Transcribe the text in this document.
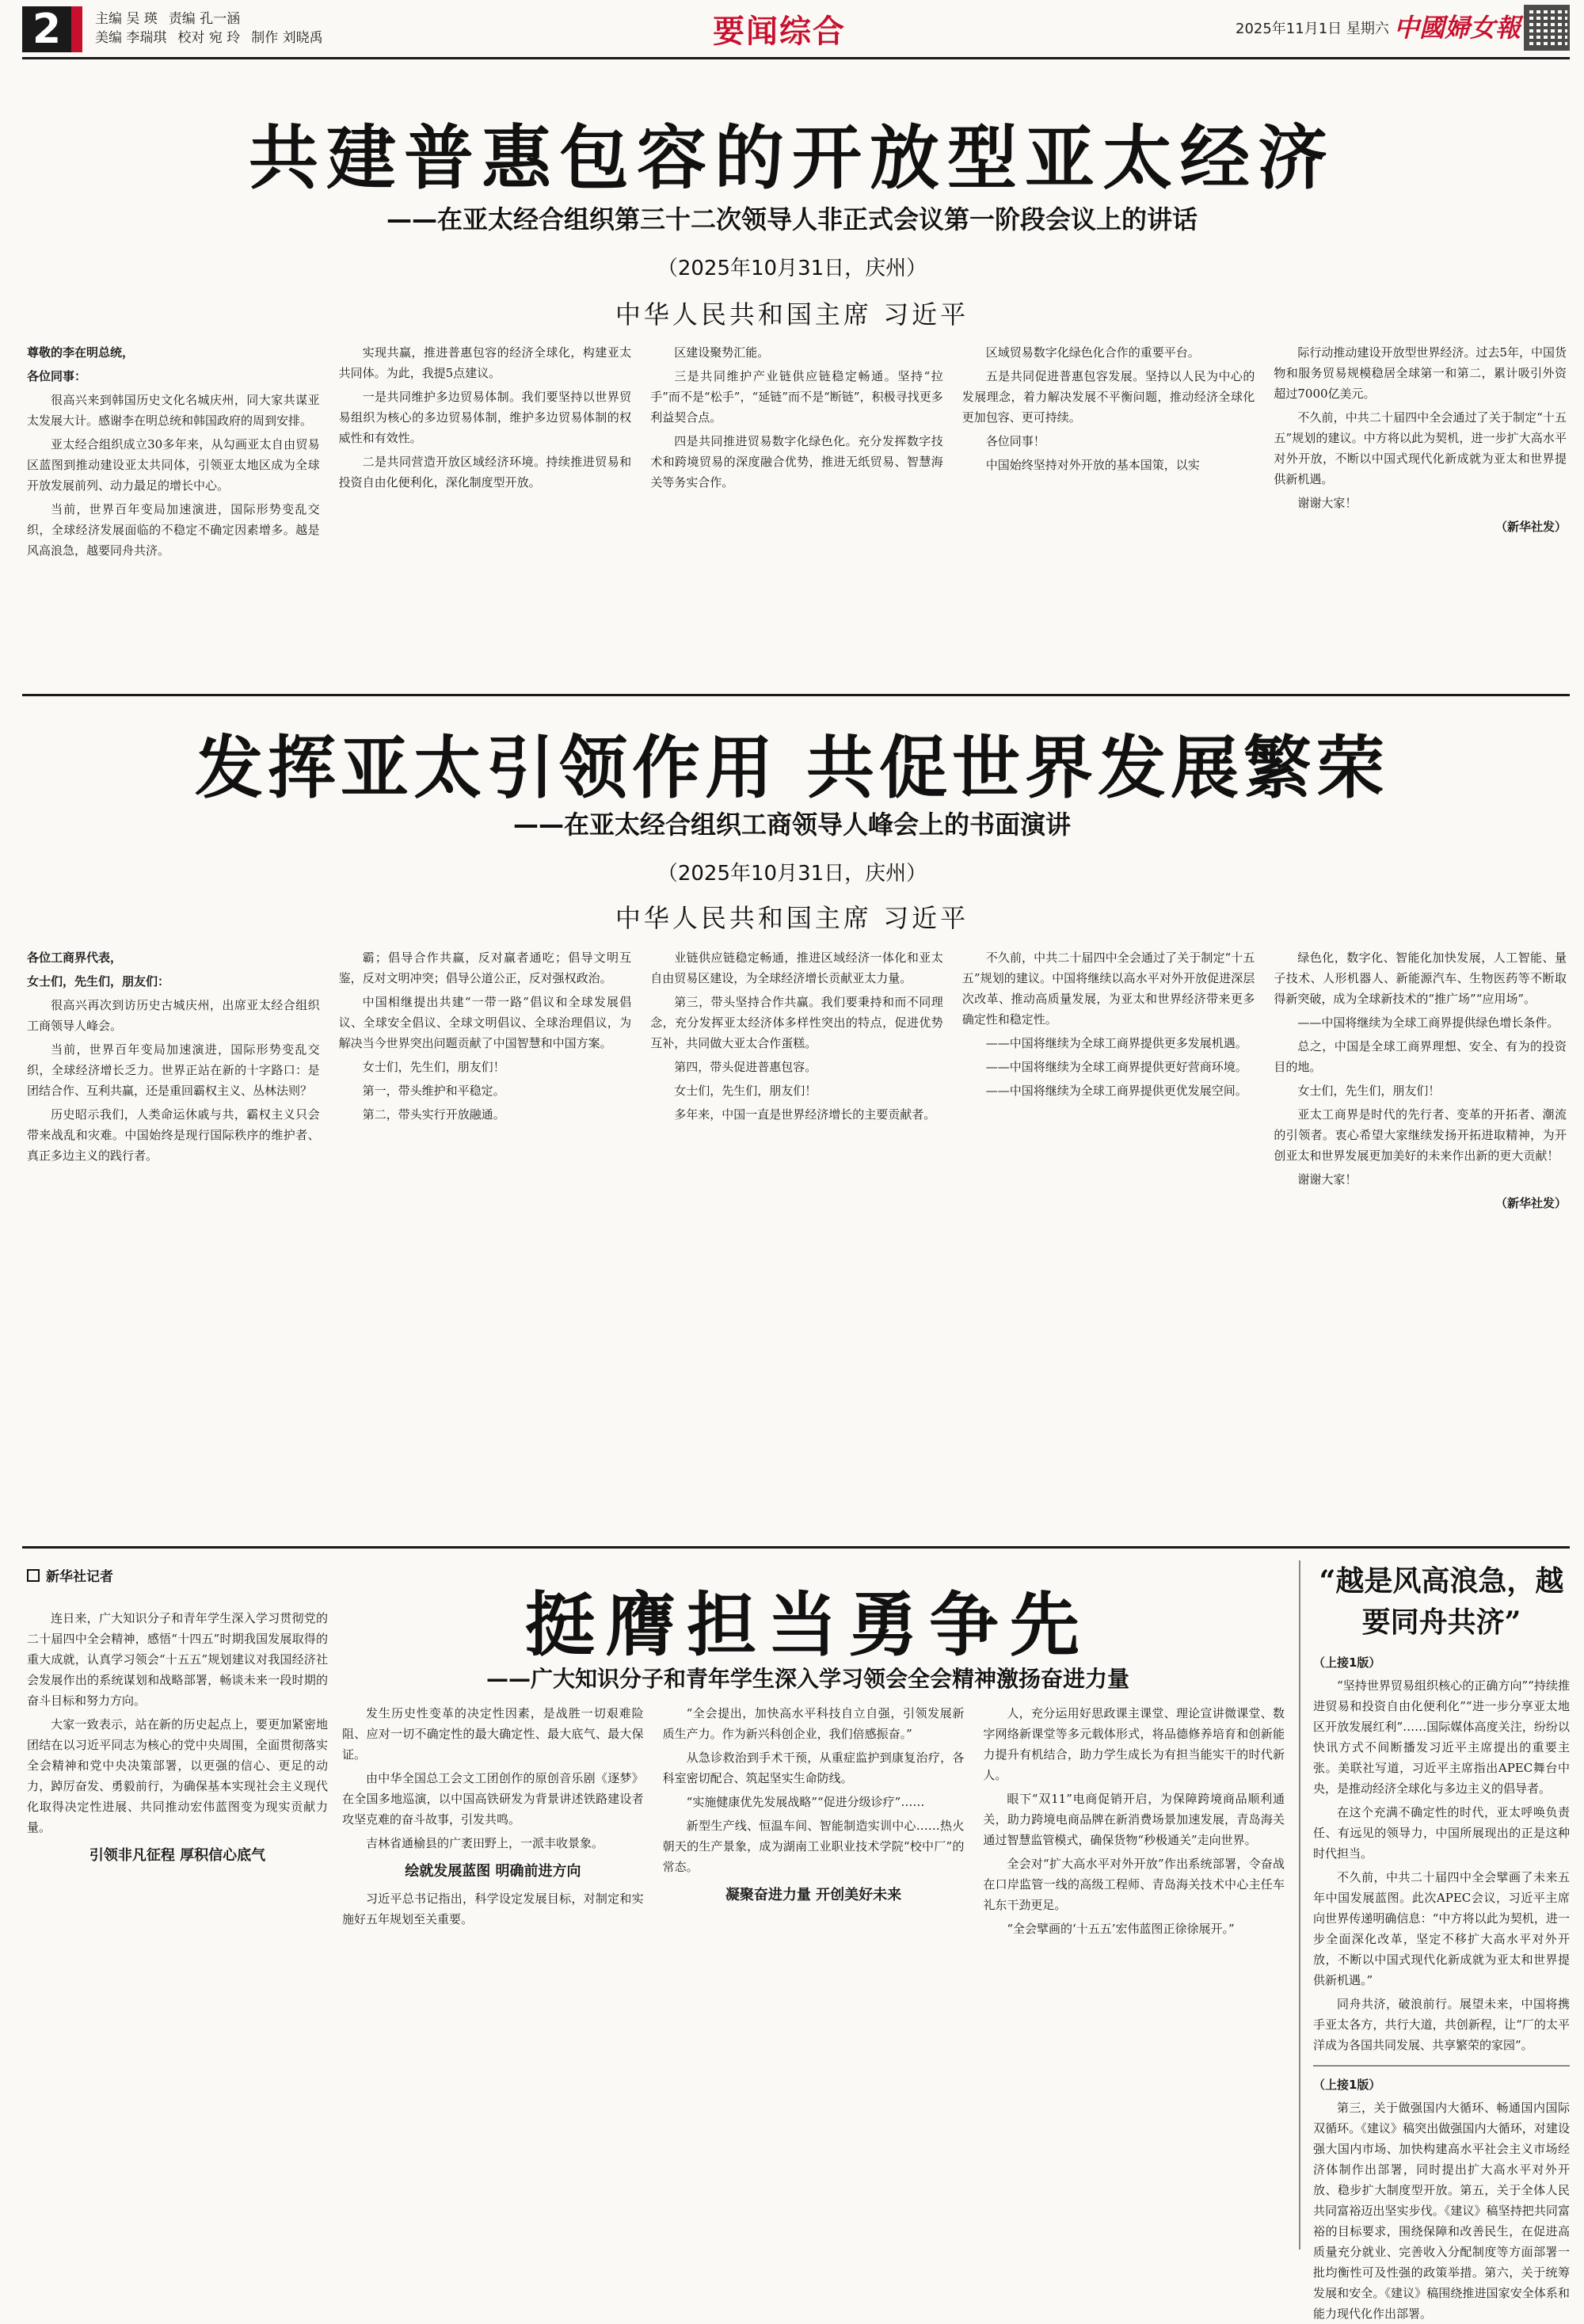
2	主编 吴 瑛 责编 孔一涵
美编 李瑞琪 校对 宛 玲 制作 刘晓禹	要闻综合	2025年11月1日 星期六 中國婦女報
共建普惠包容的开放型亚太经济
——在亚太经合组织第三十二次领导人非正式会议第一阶段会议上的讲话
（2025年10月31日，庆州）
中华人民共和国主席 习近平

尊敬的李在明总统，

各位同事：

很高兴来到韩国历史文化名城庆州，同大家共谋亚太发展大计。感谢李在明总统和韩国政府的周到安排。

亚太经合组织成立30多年来，从勾画亚太自由贸易区蓝图到推动建设亚太共同体，引领亚太地区成为全球开放发展前列、动力最足的增长中心。

当前，世界百年变局加速演进，国际形势变乱交织，全球经济发展面临的不稳定不确定因素增多。越是风高浪急，越要同舟共济。

实现共赢，推进普惠包容的经济全球化，构建亚太共同体。为此，我提5点建议。

一是共同维护多边贸易体制。我们要坚持以世界贸易组织为核心的多边贸易体制，维护多边贸易体制的权威性和有效性。

二是共同营造开放区域经济环境。持续推进贸易和投资自由化便利化，深化制度型开放。

区建设聚势汇能。

三是共同维护产业链供应链稳定畅通。坚持“拉手”而不是“松手”，“延链”而不是“断链”，积极寻找更多利益契合点。

四是共同推进贸易数字化绿色化。充分发挥数字技术和跨境贸易的深度融合优势，推进无纸贸易、智慧海关等务实合作。

区域贸易数字化绿色化合作的重要平台。

五是共同促进普惠包容发展。坚持以人民为中心的发展理念，着力解决发展不平衡问题，推动经济全球化更加包容、更可持续。

各位同事！

中国始终坚持对外开放的基本国策，以实

际行动推动建设开放型世界经济。过去5年，中国货物和服务贸易规模稳居全球第一和第二，累计吸引外资超过7000亿美元。

不久前，中共二十届四中全会通过了关于制定“十五五”规划的建议。中方将以此为契机，进一步扩大高水平对外开放，不断以中国式现代化新成就为亚太和世界提供新机遇。

谢谢大家！

（新华社发）

发挥亚太引领作用 共促世界发展繁荣
——在亚太经合组织工商领导人峰会上的书面演讲
（2025年10月31日，庆州）
中华人民共和国主席 习近平

各位工商界代表，

女士们，先生们，朋友们：

很高兴再次到访历史古城庆州，出席亚太经合组织工商领导人峰会。

当前，世界百年变局加速演进，国际形势变乱交织，全球经济增长乏力。世界正站在新的十字路口：是团结合作、互利共赢，还是重回霸权主义、丛林法则？

历史昭示我们，人类命运休戚与共，霸权主义只会带来战乱和灾难。中国始终是现行国际秩序的维护者、真正多边主义的践行者。

霸；倡导合作共赢，反对赢者通吃；倡导文明互鉴，反对文明冲突；倡导公道公正，反对强权政治。

中国相继提出共建“一带一路”倡议和全球发展倡议、全球安全倡议、全球文明倡议、全球治理倡议，为解决当今世界突出问题贡献了中国智慧和中国方案。

女士们，先生们，朋友们！

第一，带头维护和平稳定。

第二，带头实行开放融通。

业链供应链稳定畅通，推进区域经济一体化和亚太自由贸易区建设，为全球经济增长贡献亚太力量。

第三，带头坚持合作共赢。我们要秉持和而不同理念，充分发挥亚太经济体多样性突出的特点，促进优势互补，共同做大亚太合作蛋糕。

第四，带头促进普惠包容。

女士们，先生们，朋友们！

多年来，中国一直是世界经济增长的主要贡献者。

不久前，中共二十届四中全会通过了关于制定“十五五”规划的建议。中国将继续以高水平对外开放促进深层次改革、推动高质量发展，为亚太和世界经济带来更多确定性和稳定性。

——中国将继续为全球工商界提供更多发展机遇。

——中国将继续为全球工商界提供更好营商环境。

——中国将继续为全球工商界提供更优发展空间。

绿色化，数字化、智能化加快发展，人工智能、量子技术、人形机器人、新能源汽车、生物医药等不断取得新突破，成为全球新技术的“推广场”“应用场”。

——中国将继续为全球工商界提供绿色增长条件。

总之，中国是全球工商界理想、安全、有为的投资目的地。

女士们，先生们，朋友们！

亚太工商界是时代的先行者、变革的开拓者、潮流的引领者。衷心希望大家继续发扬开拓进取精神，为开创亚太和世界发展更加美好的未来作出新的更大贡献！

谢谢大家！

（新华社发）

新华社记者
挺膺担当勇争先
——广大知识分子和青年学生深入学习领会全会精神激扬奋进力量

连日来，广大知识分子和青年学生深入学习贯彻党的二十届四中全会精神，感悟“十四五”时期我国发展取得的重大成就，认真学习领会“十五五”规划建议对我国经济社会发展作出的系统谋划和战略部署，畅谈未来一段时期的奋斗目标和努力方向。

大家一致表示，站在新的历史起点上，要更加紧密地团结在以习近平同志为核心的党中央周围，全面贯彻落实全会精神和党中央决策部署，以更强的信心、更足的动力，踔厉奋发、勇毅前行，为确保基本实现社会主义现代化取得决定性进展、共同推动宏伟蓝图变为现实贡献力量。

引领非凡征程 厚积信心底气

发生历史性变革的决定性因素，是战胜一切艰难险阻、应对一切不确定性的最大确定性、最大底气、最大保证。

由中华全国总工会文工团创作的原创音乐剧《逐梦》在全国多地巡演，以中国高铁研发为背景讲述铁路建设者攻坚克难的奋斗故事，引发共鸣。

吉林省通榆县的广袤田野上，一派丰收景象。

绘就发展蓝图 明确前进方向

习近平总书记指出，科学设定发展目标，对制定和实施好五年规划至关重要。

“全会提出，加快高水平科技自立自强，引领发展新质生产力。作为新兴科创企业，我们倍感振奋。”

从急诊救治到手术干预，从重症监护到康复治疗，各科室密切配合、筑起坚实生命防线。

“实施健康优先发展战略”“促进分级诊疗”……

新型生产线、恒温车间、智能制造实训中心……热火朝天的生产景象，成为湖南工业职业技术学院“校中厂”的常态。

凝聚奋进力量 开创美好未来

人，充分运用好思政课主课堂、理论宣讲微课堂、数字网络新课堂等多元载体形式，将品德修养培育和创新能力提升有机结合，助力学生成长为有担当能实干的时代新人。

眼下“双11”电商促销开启，为保障跨境商品顺利通关，助力跨境电商品牌在新消费场景加速发展，青岛海关通过智慧监管模式，确保货物“秒极通关”走向世界。

全会对“扩大高水平对外开放”作出系统部署，令奋战在口岸监管一线的高级工程师、青岛海关技术中心主任车礼东干劲更足。

“全会擘画的‘十五五’宏伟蓝图正徐徐展开。”

“越是风高浪急，越要同舟共济”
（上接1版）

“坚持世界贸易组织核心的正确方向”“持续推进贸易和投资自由化便利化”“进一步分享亚太地区开放发展红利”……国际媒体高度关注，纷纷以快讯方式不间断播发习近平主席提出的重要主张。美联社写道，习近平主席指出APEC舞台中央，是推动经济全球化与多边主义的倡导者。

在这个充满不确定性的时代，亚太呼唤负责任、有远见的领导力，中国所展现出的正是这种时代担当。

不久前，中共二十届四中全会擘画了未来五年中国发展蓝图。此次APEC会议，习近平主席向世界传递明确信息：“中方将以此为契机，进一步全面深化改革，坚定不移扩大高水平对外开放，不断以中国式现代化新成就为亚太和世界提供新机遇。”

同舟共济，破浪前行。展望未来，中国将携手亚太各方，共行大道，共创新程，让“厂的太平洋成为各国共同发展、共享繁荣的家园”。

（上接1版）

第三，关于做强国内大循环、畅通国内国际双循环。《建议》稿突出做强国内大循环，对建设强大国内市场、加快构建高水平社会主义市场经济体制作出部署，同时提出扩大高水平对外开放、稳步扩大制度型开放。第五，关于全体人民共同富裕迈出坚实步伐。《建议》稿坚持把共同富裕的目标要求，围绕保障和改善民生，在促进高质量充分就业、完善收入分配制度等方面部署一批均衡性可及性强的政策举措。第六，关于统筹发展和安全。《建议》稿围绕推进国家安全体系和能力现代化作出部署。
